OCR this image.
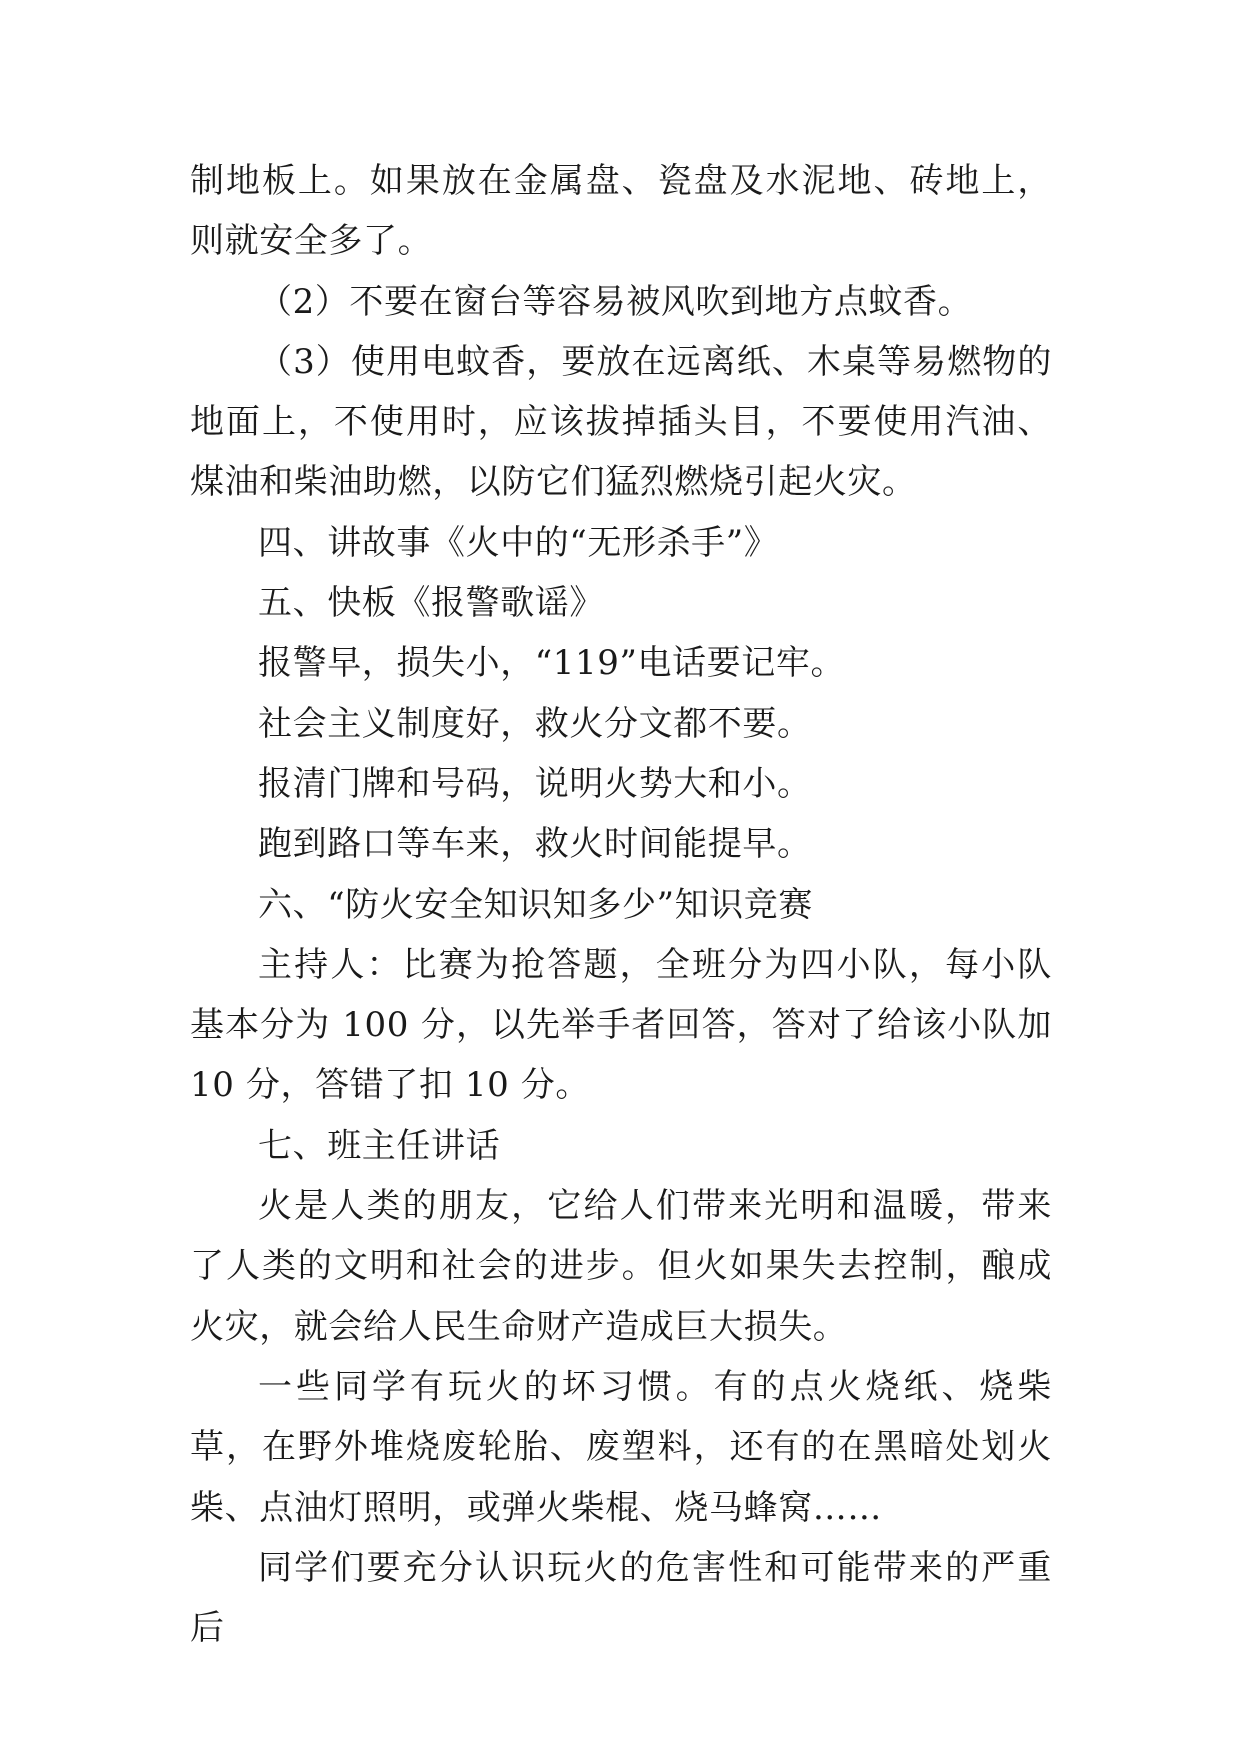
制地板上。如果放在金属盘、瓷盘及水泥地、砖地上，则就安全多了。

（2）不要在窗台等容易被风吹到地方点蚊香。

（3）使用电蚊香，要放在远离纸、木桌等易燃物的地面上，不使用时，应该拔掉插头目，不要使用汽油、煤油和柴油助燃，以防它们猛烈燃烧引起火灾。

四、讲故事《火中的“无形杀手”》

五、快板《报警歌谣》

报警早，损失小，“119”电话要记牢。

社会主义制度好，救火分文都不要。

报清门牌和号码，说明火势大和小。

跑到路口等车来，救火时间能提早。

六、“防火安全知识知多少”知识竞赛

主持人：比赛为抢答题，全班分为四小队，每小队基本分为 100 分，以先举手者回答，答对了给该小队加 10 分，答错了扣 10 分。

七、班主任讲话

火是人类的朋友，它给人们带来光明和温暖，带来了人类的文明和社会的进步。但火如果失去控制，酿成火灾，就会给人民生命财产造成巨大损失。

一些同学有玩火的坏习惯。有的点火烧纸、烧柴草，在野外堆烧废轮胎、废塑料，还有的在黑暗处划火柴、点油灯照明，或弹火柴棍、烧马蜂窝……

同学们要充分认识玩火的危害性和可能带来的严重后
